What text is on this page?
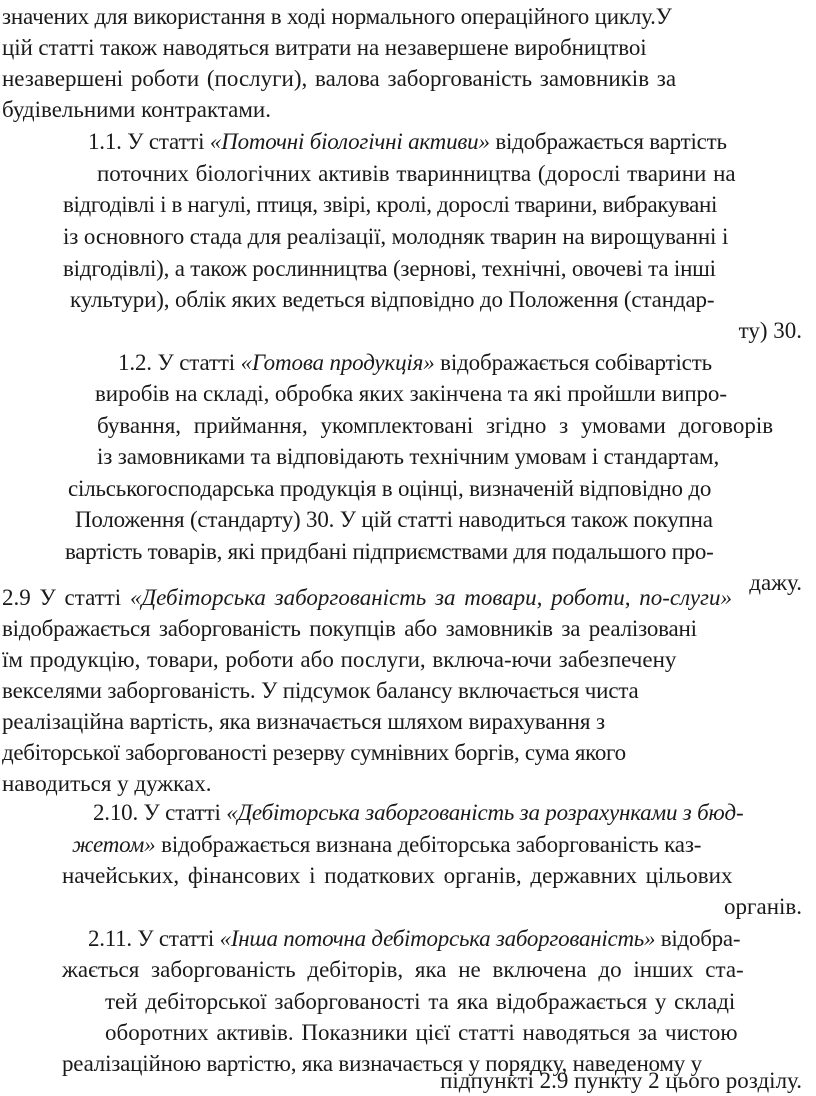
значених для використання в ході нормального операційного циклу.У

цій статті також наводяться витрати на незавершене виробництвоі

незавершені роботи (послуги), валова заборгованість замовників за

будівельними контрактами.

1.1. У статті «Поточні біологічні активи» відображається вартість

поточних біологічних активів тваринництва (дорослі тварини на

відгодівлі і в нагулі, птиця, звірі, кролі, дорослі тварини, вибракувані

із основного стада для реалізації, молодняк тварин на вирощуванні і

відгодівлі), а також рослинництва (зернові, технічні, овочеві та інші

культури), облік яких ведеться відповідно до Положення (стандар-

ту) 30.

1.2. У статті «Готова продукція» відображається собівартість

виробів на складі, обробка яких закінчена та які пройшли випро-

бування, приймання, укомплектовані згідно з умовами договорів

із замовниками та відповідають технічним умовам і стандартам,

сільськогосподарська продукція в оцінці, визначеній відповідно до

Положення (стандарту) 30. У цій статті наводиться також покупна

вартість товарів, які придбані підприємствами для подальшого про-

дажу.

2.9 У статті «Дебіторська заборгованість за товари, роботи, по-слуги»

відображається заборгованість покупців або замовників за реалізовані

їм продукцію, товари, роботи або послуги, включа-ючи забезпечену

векселями заборгованість. У підсумок балансу включається чиста

реалізаційна вартість, яка визначається шляхом вирахування з

дебіторської заборгованості резерву сумнівних боргів, сума якого

наводиться у дужках.

2.10. У статті «Дебіторська заборгованість за розрахунками з бюд-

жетом» відображається визнана дебіторська заборгованість каз-

начейських, фінансових і податкових органів, державних цільових

органів.

2.11. У статті «Інша поточна дебіторська заборгованість» відобра-

жається заборгованість дебіторів, яка не включена до інших ста-

тей дебіторської заборгованості та яка відображається у складі

оборотних активів. Показники цієї статті наводяться за чистою

реалізаційною вартістю, яка визначається у порядку, наведеному у

підпункті 2.9 пункту 2 цього розділу.
